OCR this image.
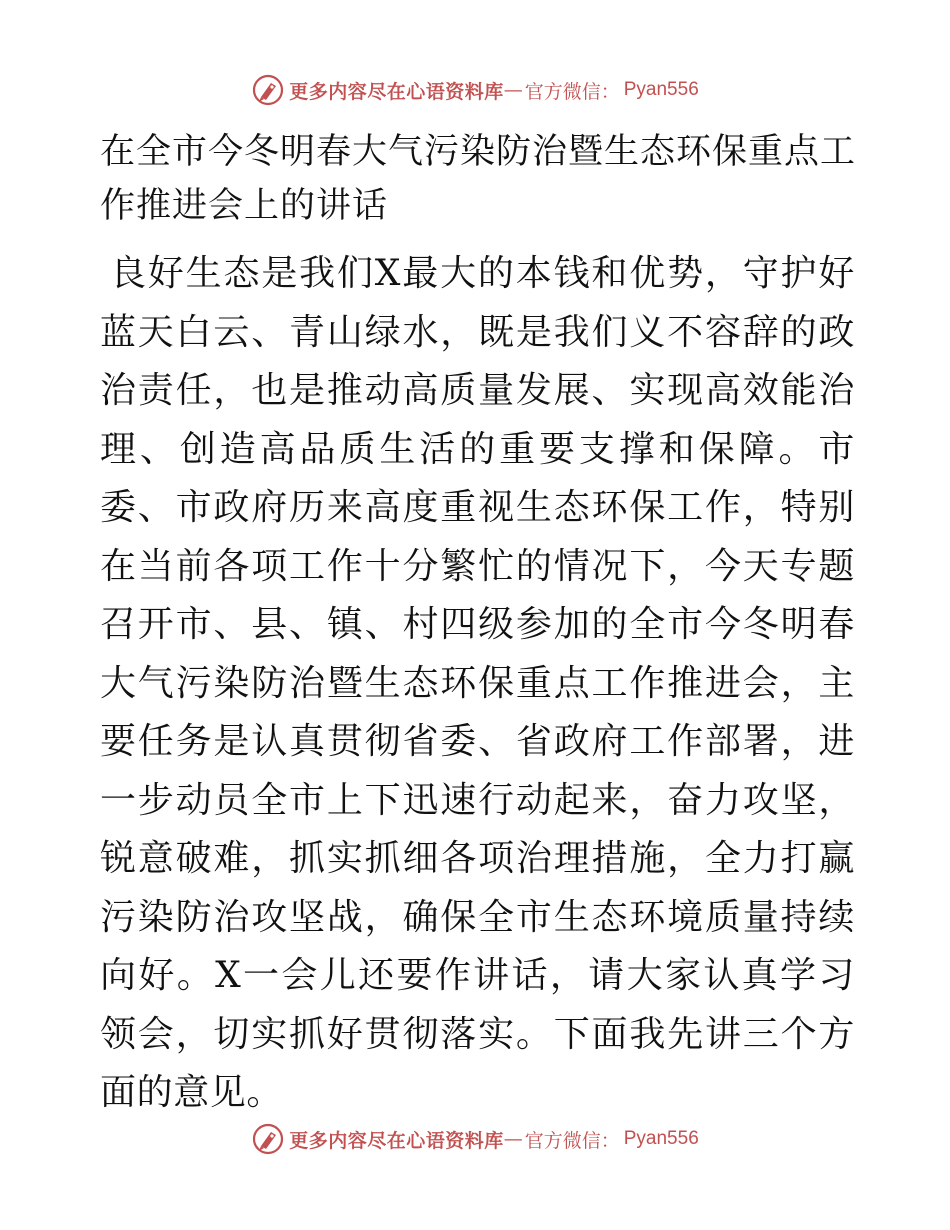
更多内容尽在心语资料库 — 官方微信： Pyan556
在全市今冬明春大气污染防治暨生态环保重点工作推进会上的讲话

良好生态是我们X最大的本钱和优势，守护好蓝天白云、青山绿水，既是我们义不容辞的政治责任，也是推动高质量发展、实现高效能治理、创造高品质生活的重要支撑和保障。市委、市政府历来高度重视生态环保工作，特别在当前各项工作十分繁忙的情况下，今天专题召开市、县、镇、村四级参加的全市今冬明春大气污染防治暨生态环保重点工作推进会，主要任务是认真贯彻省委、省政府工作部署，进一步动员全市上下迅速行动起来，奋力攻坚，锐意破难，抓实抓细各项治理措施，全力打赢污染防治攻坚战，确保全市生态环境质量持续向好。X一会儿还要作讲话，请大家认真学习领会，切实抓好贯彻落实。下面我先讲三个方面的意见。

更多内容尽在心语资料库 — 官方微信： Pyan556
